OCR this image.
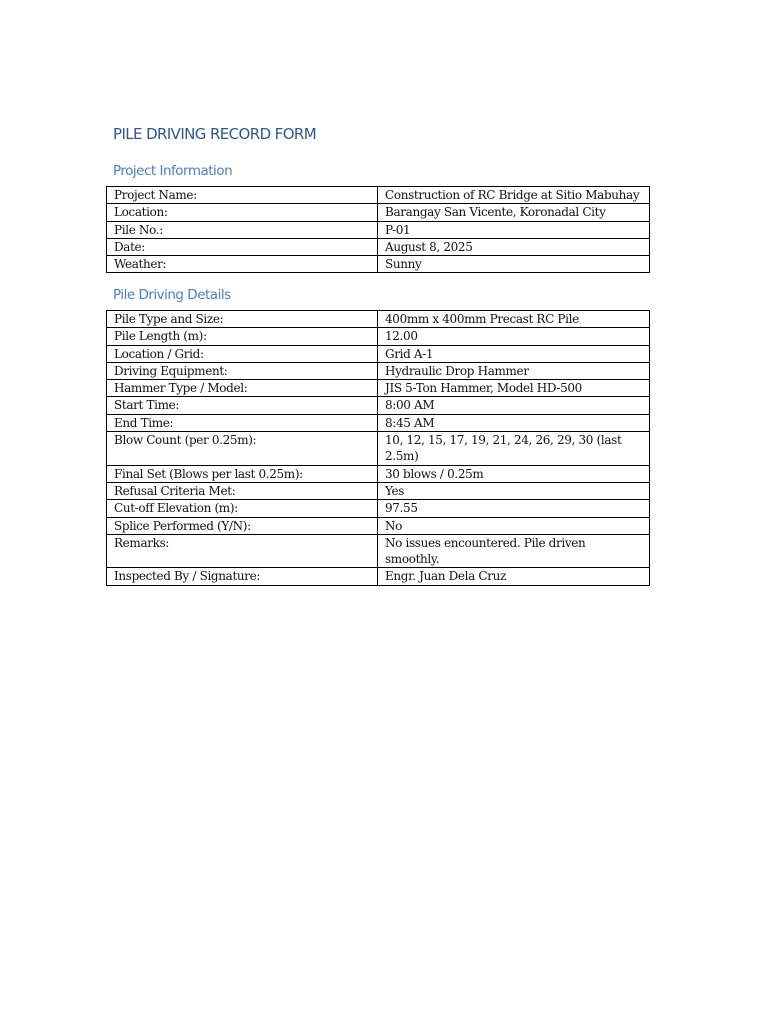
PILE DRIVING RECORD FORM
Project Information
Project Name:	Construction of RC Bridge at Sitio Mabuhay
Location:	Barangay San Vicente, Koronadal City
Pile No.:	P-01
Date:	August 8, 2025
Weather:	Sunny
Pile Driving Details
Pile Type and Size:	400mm x 400mm Precast RC Pile
Pile Length (m):	12.00
Location / Grid:	Grid A-1
Driving Equipment:	Hydraulic Drop Hammer
Hammer Type / Model:	JIS 5-Ton Hammer, Model HD-500
Start Time:	8:00 AM
End Time:	8:45 AM
Blow Count (per 0.25m):	10, 12, 15, 17, 19, 21, 24, 26, 29, 30 (last 2.5m)
Final Set (Blows per last 0.25m):	30 blows / 0.25m
Refusal Criteria Met:	Yes
Cut-off Elevation (m):	97.55
Splice Performed (Y/N):	No
Remarks:	No issues encountered. Pile driven smoothly.
Inspected By / Signature:	Engr. Juan Dela Cruz
